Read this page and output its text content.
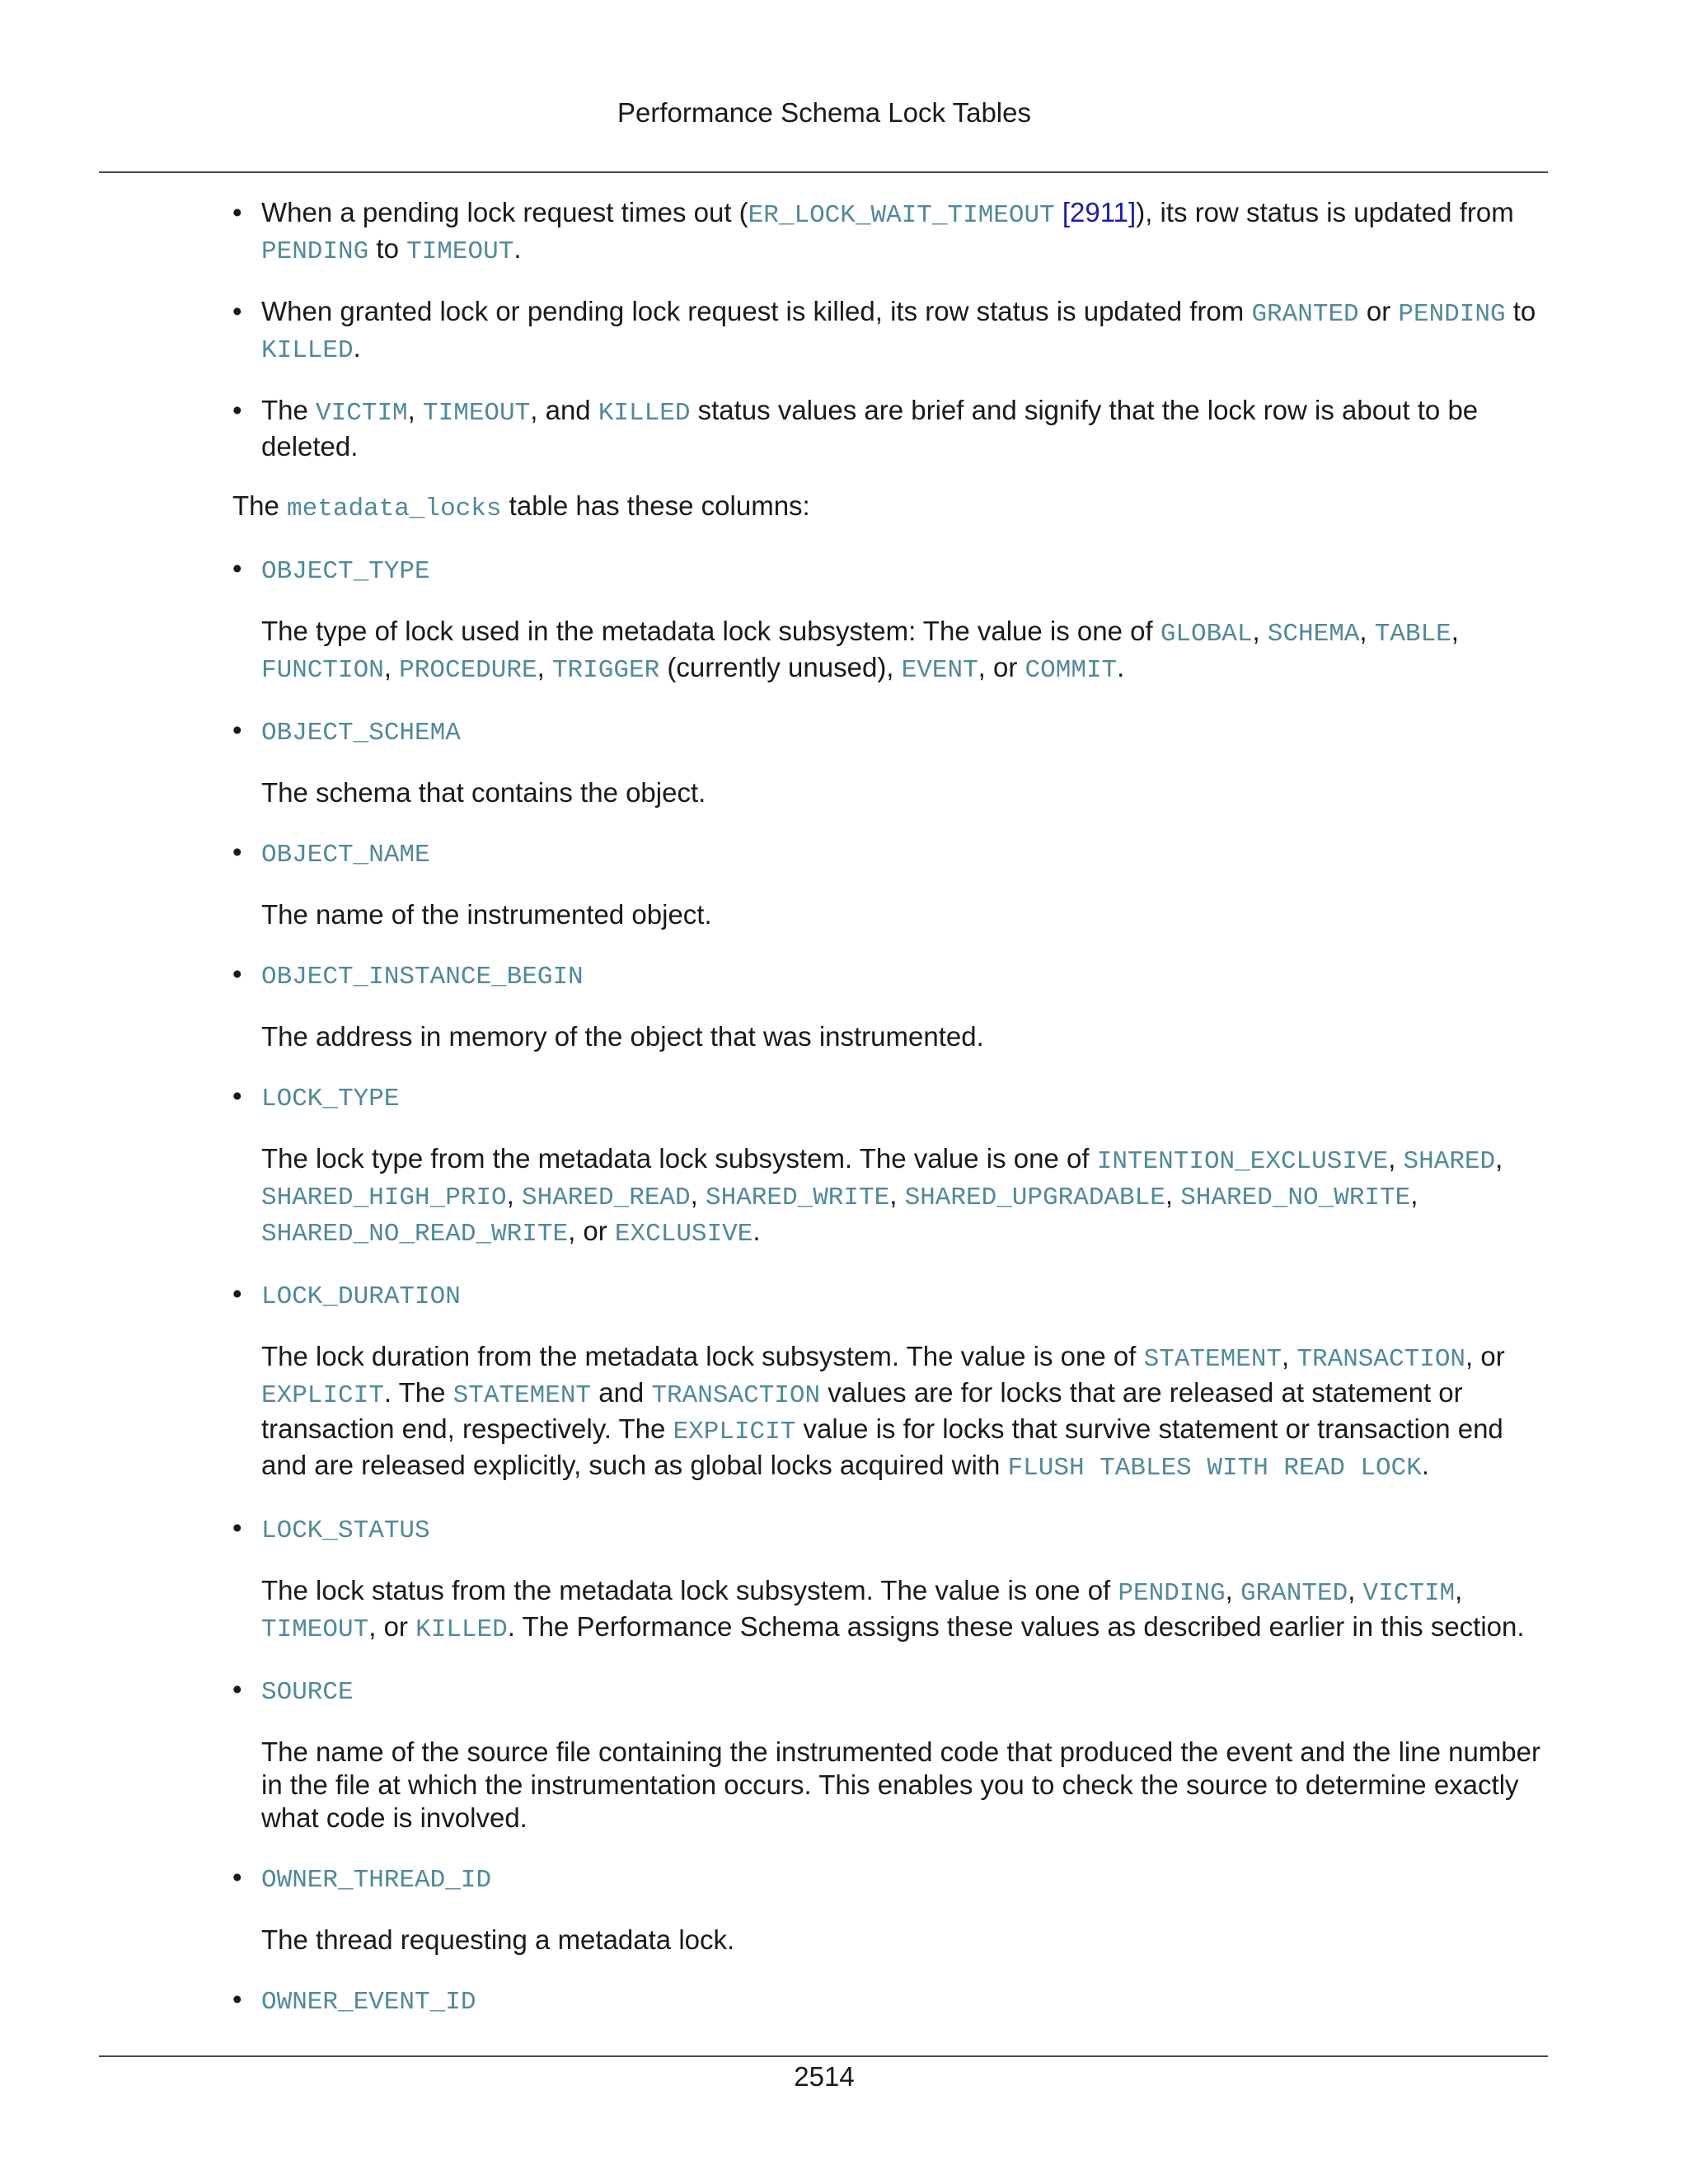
Performance Schema Lock Tables
• When a pending lock request times out (ER_LOCK_WAIT_TIMEOUT [2911]), its row status is updated from PENDING to TIMEOUT.
• When granted lock or pending lock request is killed, its row status is updated from GRANTED or PENDING to KILLED.
• The VICTIM, TIMEOUT, and KILLED status values are brief and signify that the lock row is about to be deleted.
The metadata_locks table has these columns:
• OBJECT_TYPE
The type of lock used in the metadata lock subsystem: The value is one of GLOBAL, SCHEMA, TABLE, FUNCTION, PROCEDURE, TRIGGER (currently unused), EVENT, or COMMIT.
• OBJECT_SCHEMA
The schema that contains the object.
• OBJECT_NAME
The name of the instrumented object.
• OBJECT_INSTANCE_BEGIN
The address in memory of the object that was instrumented.
• LOCK_TYPE
The lock type from the metadata lock subsystem. The value is one of INTENTION_EXCLUSIVE, SHARED, SHARED_HIGH_PRIO, SHARED_READ, SHARED_WRITE, SHARED_UPGRADABLE, SHARED_NO_WRITE, SHARED_NO_READ_WRITE, or EXCLUSIVE.
• LOCK_DURATION
The lock duration from the metadata lock subsystem. The value is one of STATEMENT, TRANSACTION, or EXPLICIT. The STATEMENT and TRANSACTION values are for locks that are released at statement or transaction end, respectively. The EXPLICIT value is for locks that survive statement or transaction end and are released explicitly, such as global locks acquired with FLUSH TABLES WITH READ LOCK.
• LOCK_STATUS
The lock status from the metadata lock subsystem. The value is one of PENDING, GRANTED, VICTIM, TIMEOUT, or KILLED. The Performance Schema assigns these values as described earlier in this section.
• SOURCE
The name of the source file containing the instrumented code that produced the event and the line number in the file at which the instrumentation occurs. This enables you to check the source to determine exactly what code is involved.
• OWNER_THREAD_ID
The thread requesting a metadata lock.
• OWNER_EVENT_ID
2514
